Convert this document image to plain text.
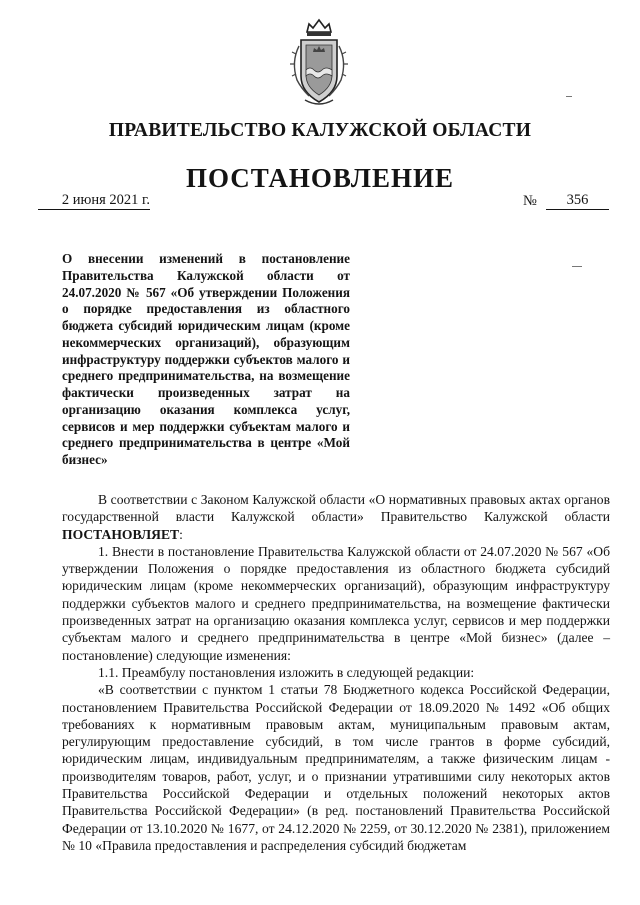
ПРАВИТЕЛЬСТВО КАЛУЖСКОЙ ОБЛАСТИ
ПОСТАНОВЛЕНИЕ
2 июня 2021 г.	№	356
О внесении изменений в постановление Правительства Калужской области от 24.07.2020 № 567 «Об утверждении Положения о порядке предоставления из областного бюджета субсидий юридическим лицам (кроме некоммерческих организаций), образующим инфраструктуру поддержки субъектов малого и среднего предпринимательства, на возмещение фактически произведенных затрат на организацию оказания комплекса услуг, сервисов и мер поддержки субъектам малого и среднего предпринимательства в центре «Мой бизнес»

В соответствии с Законом Калужской области «О нормативных правовых актах органов государственной власти Калужской области» Правительство Калужской области ПОСТАНОВЛЯЕТ:

1. Внести в постановление Правительства Калужской области от 24.07.2020 № 567 «Об утверждении Положения о порядке предоставления из областного бюджета субсидий юридическим лицам (кроме некоммерческих организаций), образующим инфраструктуру поддержки субъектов малого и среднего предпринимательства, на возмещение фактически произведенных затрат на организацию оказания комплекса услуг, сервисов и мер поддержки субъектам малого и среднего предпринимательства в центре «Мой бизнес» (далее – постановление) следующие изменения:

1.1. Преамбулу постановления изложить в следующей редакции:

«В соответствии с пунктом 1 статьи 78 Бюджетного кодекса Российской Федерации, постановлением Правительства Российской Федерации от 18.09.2020 № 1492 «Об общих требованиях к нормативным правовым актам, муниципальным правовым актам, регулирующим предоставление субсидий, в том числе грантов в форме субсидий, юридическим лицам, индивидуальным предпринимателям, а также физическим лицам - производителям товаров, работ, услуг, и о признании утратившими силу некоторых актов Правительства Российской Федерации и отдельных положений некоторых актов Правительства Российской Федерации» (в ред. постановлений Правительства Российской Федерации от 13.10.2020 № 1677, от 24.12.2020 № 2259, от 30.12.2020 № 2381), приложением № 10 «Правила предоставления и распределения субсидий бюджетам
